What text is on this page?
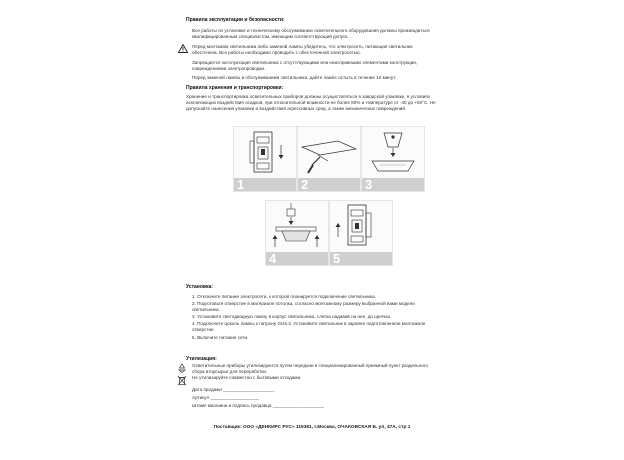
Правила эксплуатации и безопасности:
Все работы по установке и техническому обслуживанию осветительного оборудования должны производиться
квалифицированным специалистом, имеющим соответствующий допуск.
Перед монтажом светильника либо заменой лампы убедитесь, что электросеть, питающая светильник
обесточена. Все работы необходимо проводить с обесточенной электросетью.
Запрещается эксплуатация светильника с отсутствующими или неисправными элементами конструкции,
повреждениями электропроводки.
Перед заменой лампы и обслуживанием светильника, дайте лампе остыть в течение 10 минут.
Правила хранения и транспортировки:
Хранение и транспортировка осветительных приборов должны осуществляться в заводской упаковке, в условиях
исключающих воздействия осадков, при относительной влажности не более 80% и температуре от -40 до +50°С. Не
допускайте нанесения упаковки и воздействия агрессивных сред, а также механических повреждений.
1	2	3
4	5
Установка:
1. Отключите питание электросети, к которой планируется подключение светильника.
2. Подготовьте отверстие в материале потолка, согласно монтажному размеру выбранной вами модели
светильника.
3. Установите светодиодную лампу в корпус светильника, слегка надавив на нее, до щелчка.
4. Подключите цоколь лампы к патрону GU5.3. Установите светильник в заранее подготовленное монтажное
отверстие.
5. Включите питание сети.
Утилизация:
Осветительные приборы утилизируются путем передачи в специализированный приемный пункт раздельного
сбора вторсырья для переработки.
Не утилизируйте совместно с бытовыми отходами.
Дата продажи ____________________
Артикул ___________________
Штамп магазина и подпись продавца ____________________
Поставщик: ООО «ДЕНКИРС РУС» 119361, г.Москва, ОЧАКОВСКАЯ Б. ул, 47А, стр 1
